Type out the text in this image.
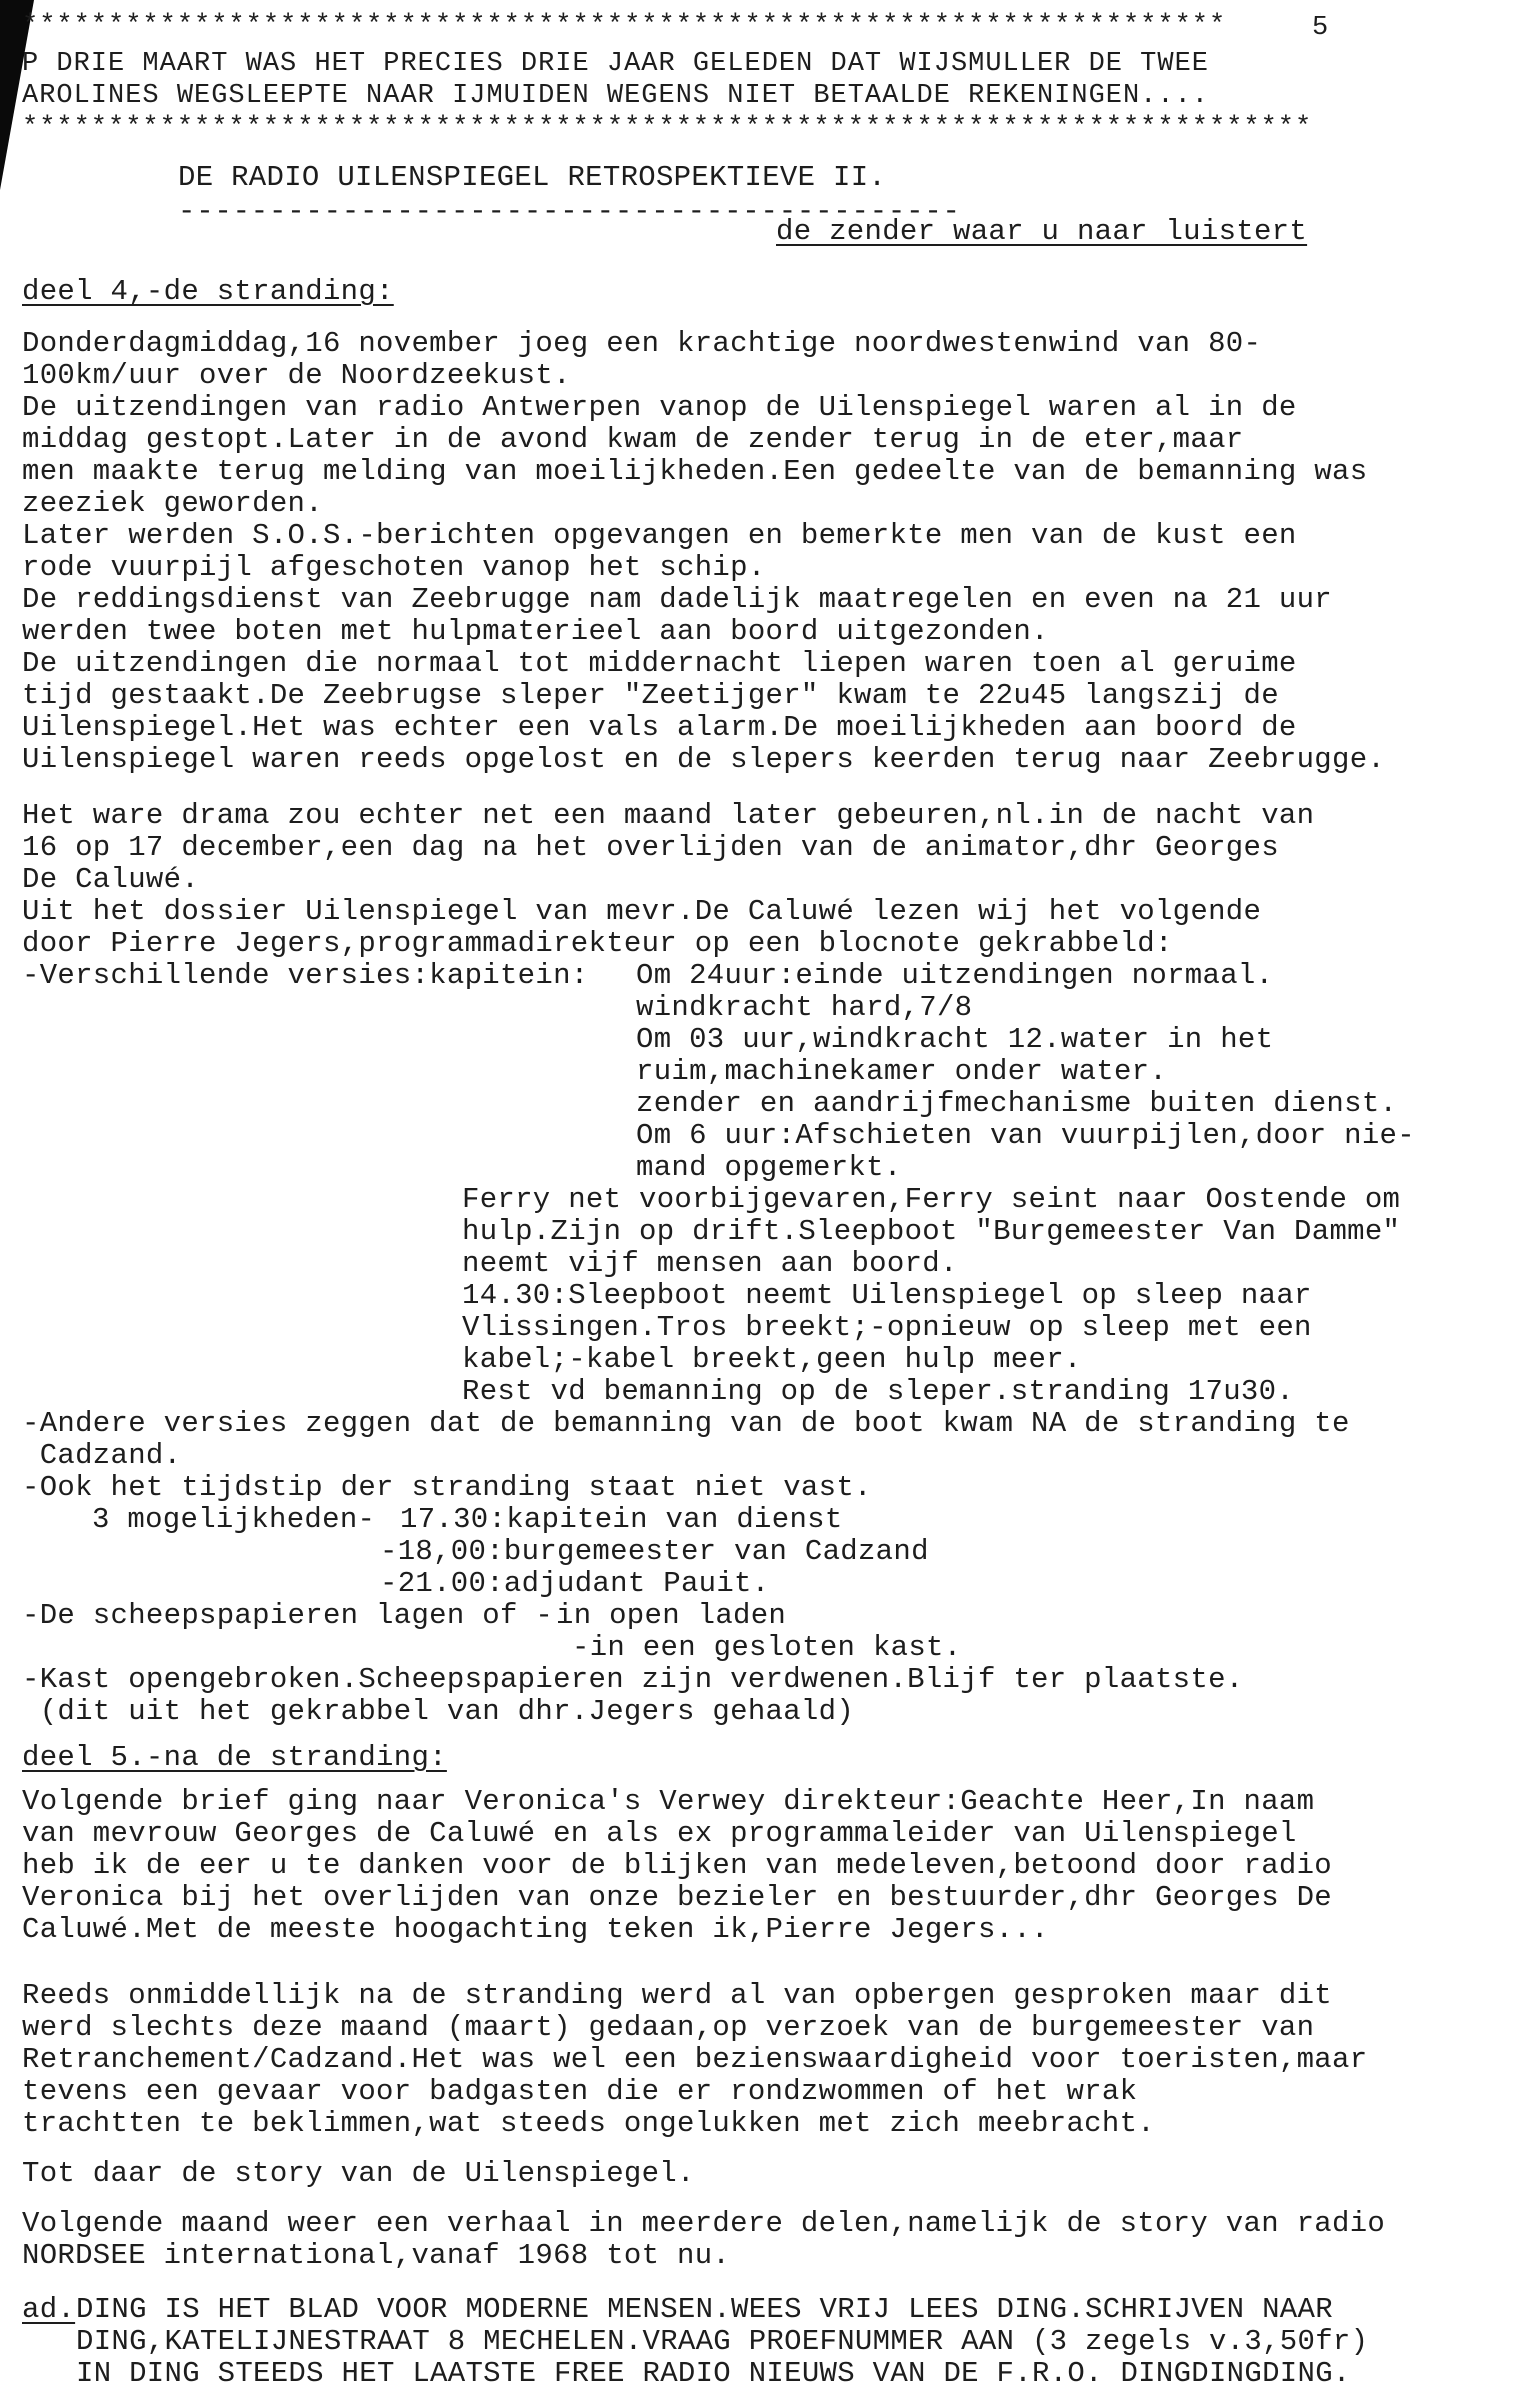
**********************************************************************	5
P DRIE MAART WAS HET PRECIES DRIE JAAR GELEDEN DAT WIJSMULLER DE TWEE
AROLINES WEGSLEEPTE NAAR IJMUIDEN WEGENS NIET BETAALDE REKENINGEN....
***************************************************************************
DE RADIO UILENSPIEGEL RETROSPEKTIEVE II.
-------------------------------------------
de zender waar u naar luistert
deel 4,-de stranding:
Donderdagmiddag,16 november joeg een krachtige noordwestenwind van 80-
100km/uur over de Noordzeekust.
De uitzendingen van radio Antwerpen vanop de Uilenspiegel waren al in de
middag gestopt.Later in de avond kwam de zender terug in de eter,maar
men maakte terug melding van moeilijkheden.Een gedeelte van de bemanning was
zeeziek geworden.
Later werden S.O.S.-berichten opgevangen en bemerkte men van de kust een
rode vuurpijl afgeschoten vanop het schip.
De reddingsdienst van Zeebrugge nam dadelijk maatregelen en even na 21 uur
werden twee boten met hulpmaterieel aan boord uitgezonden.
De uitzendingen die normaal tot middernacht liepen waren toen al geruime
tijd gestaakt.De Zeebrugse sleper "Zeetijger" kwam te 22u45 langszij de
Uilenspiegel.Het was echter een vals alarm.De moeilijkheden aan boord de
Uilenspiegel waren reeds opgelost en de slepers keerden terug naar Zeebrugge.
Het ware drama zou echter net een maand later gebeuren,nl.in de nacht van
16 op 17 december,een dag na het overlijden van de animator,dhr Georges
De Caluwé.
Uit het dossier Uilenspiegel van mevr.De Caluwé lezen wij het volgende
door Pierre Jegers,programmadirekteur op een blocnote gekrabbeld:
-Verschillende versies:kapitein: Om 24uur:einde uitzendingen normaal.
windkracht hard,7/8
Om 03 uur,windkracht 12.water in het
ruim,machinekamer onder water.
zender en aandrijfmechanisme buiten dienst.
Om 6 uur:Afschieten van vuurpijlen,door nie-
mand opgemerkt.
Ferry net voorbijgevaren,Ferry seint naar Oostende om
hulp.Zijn op drift.Sleepboot "Burgemeester Van Damme"
neemt vijf mensen aan boord.
14.30:Sleepboot neemt Uilenspiegel op sleep naar
Vlissingen.Tros breekt;-opnieuw op sleep met een
kabel;-kabel breekt,geen hulp meer.
Rest vd bemanning op de sleper.stranding 17u30.
-Andere versies zeggen dat de bemanning van de boot kwam NA de stranding te
Cadzand.
-Ook het tijdstip der stranding staat niet vast.
3 mogelijkheden- 17.30:kapitein van dienst
-18,00:burgemeester van Cadzand
-21.00:adjudant Pauit.
-De scheepspapieren lagen of - in open laden
-in een gesloten kast.
-Kast opengebroken.Scheepspapieren zijn verdwenen.Blijf ter plaatste.
(dit uit het gekrabbel van dhr.Jegers gehaald)
deel 5.-na de stranding:
Volgende brief ging naar Veronica's Verwey direkteur:Geachte Heer,In naam
van mevrouw Georges de Caluwé en als ex programmaleider van Uilenspiegel
heb ik de eer u te danken voor de blijken van medeleven,betoond door radio
Veronica bij het overlijden van onze bezieler en bestuurder,dhr Georges De
Caluwé.Met de meeste hoogachting teken ik,Pierre Jegers...
Reeds onmiddellijk na de stranding werd al van opbergen gesproken maar dit
werd slechts deze maand (maart) gedaan,op verzoek van de burgemeester van
Retranchement/Cadzand.Het was wel een bezienswaardigheid voor toeristen,maar
tevens een gevaar voor badgasten die er rondzwommen of het wrak
trachtten te beklimmen,wat steeds ongelukken met zich meebracht.
Tot daar de story van de Uilenspiegel.
Volgende maand weer een verhaal in meerdere delen,namelijk de story van radio
NORDSEE international,vanaf 1968 tot nu.
ad. DING IS HET BLAD VOOR MODERNE MENSEN.WEES VRIJ LEES DING.SCHRIJVEN NAAR
DING,KATELIJNESTRAAT 8 MECHELEN.VRAAG PROEFNUMMER AAN (3 zegels v.3,50fr)
IN DING STEEDS HET LAATSTE FREE RADIO NIEUWS VAN DE F.R.O. DINGDINGDING.
